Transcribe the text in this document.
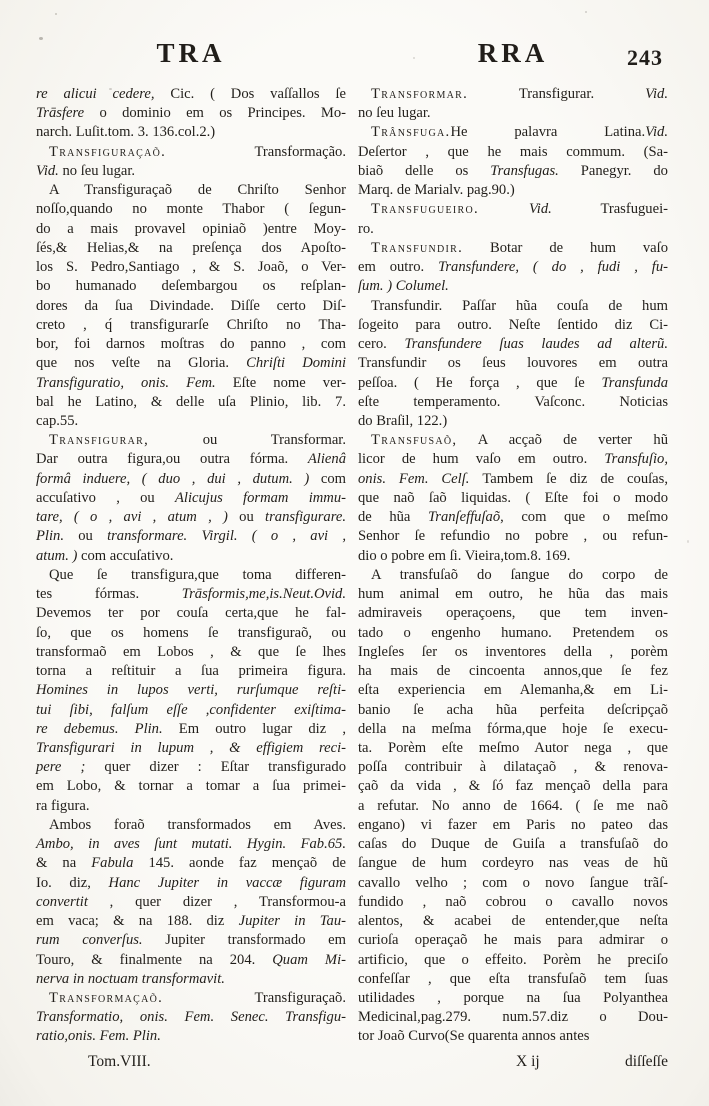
TRA	RRA	243
re alicui cedere, Cic. ( Dos vaſſallos ſe
Trāsfere o dominio em os Principes. Mo-
narch. Luſit.tom. 3. 136.col.2.)
Transfiguraçaõ. Transformação.
Vid. no ſeu lugar.
A Transfiguraçaõ de Chriſto Senhor
noſſo,quando no monte Thabor ( ſegun-
do a mais provavel opiniaõ )entre Moy-
ſés,& Helias,& na preſença dos Apoſto-
los S. Pedro,Santiago , & S. Joaõ, o Ver-
bo humanado deſembargou os reſplan-
dores da ſua Divindade. Diſſe certo Diſ-
creto , q́ transfigurarſe Chriſto no Tha-
bor, foi darnos moſtras do panno , com
que nos veſte na Gloria. Chriſti Domini
Transfiguratio, onis. Fem. Eſte nome ver-
bal he Latino, & delle uſa Plinio, lib. 7.
cap.55.
Transfigurar, ou Transformar.
Dar outra figura,ou outra fórma. Alienâ
formâ induere, ( duo , dui , dutum. ) com
accuſativo , ou Alicujus formam immu-
tare, ( o , avi , atum , ) ou transfigurare.
Plin. ou transformare. Virgil. ( o , avi ,
atum. ) com accuſativo.
Que ſe transfigura,que toma differen-
tes fórmas. Trāsformis,me,is.Neut.Ovid.
Devemos ter por couſa certa,que he fal-
ſo, que os homens ſe transfiguraõ, ou
transformaõ em Lobos , & que ſe lhes
torna a reſtituir a ſua primeira figura.
Homines in lupos verti, rurſumque reſti-
tui ſibi, falſum eſſe ,confidenter exiſtima-
re debemus. Plin. Em outro lugar diz ,
Transfigurari in lupum , & effigiem reci-
pere ; quer dizer : Eſtar transfigurado
em Lobo, & tornar a tomar a ſua primei-
ra figura.
Ambos foraõ transformados em Aves.
Ambo, in aves ſunt mutati. Hygin. Fab.65.
& na Fabula 145. aonde faz mençaõ de
Io. diz, Hanc Jupiter in vaccæ figuram
convertit , quer dizer , Transformou-a
em vaca; & na 188. diz Jupiter in Tau-
rum converſus. Jupiter transformado em
Touro, & finalmente na 204. Quam Mi-
nerva in noctuam transformavit.
Transformaçaõ. Transfiguraçaõ.
Transformatio, onis. Fem. Senec. Transfigu-
ratio,onis. Fem. Plin.
Tom.VIII.
Transformar. Transfigurar. Vid.
no ſeu lugar.
Trânsfuga.He palavra Latina.Vid.
Deſertor , que he mais commum. (Sa-
biaõ delle os Transfugas. Panegyr. do
Marq. de Marialv. pag.90.)
Transfugueiro. Vid. Trasfuguei-
ro.
Transfundir. Botar de hum vaſo
em outro. Transfundere, ( do , fudi , fu-
ſum. ) Columel.
Transfundir. Paſſar hũa couſa de hum
ſogeito para outro. Neſte ſentido diz Ci-
cero. Transfundere ſuas laudes ad alterũ.
Transfundir os ſeus louvores em outra
peſſoa. ( He força , que ſe Transfunda
eſte temperamento. Vaſconc. Noticias
do Braſil, 122.)
Transfusaõ, A acçaõ de verter hũ
licor de hum vaſo em outro. Transfuſio,
onis. Fem. Celſ. Tambem ſe diz de couſas,
que naõ ſaõ liquidas. ( Eſte foi o modo
de hũa Tranſeffuſaõ, com que o meſmo
Senhor ſe refundio no pobre , ou refun-
dio o pobre em ſi. Vieira,tom.8. 169.
A transfuſaõ do ſangue do corpo de
hum animal em outro, he hũa das mais
admiraveis operaçoens, que tem inven-
tado o engenho humano. Pretendem os
Ingleſes ſer os inventores della , porèm
ha mais de cincoenta annos,que ſe fez
eſta experiencia em Alemanha,& em Li-
banio ſe acha hũa perfeita deſcripçaõ
della na meſma fórma,que hoje ſe execu-
ta. Porèm eſte meſmo Autor nega , que
poſſa contribuir à dilataçaõ , & renova-
çaõ da vida , & ſó faz mençaõ della para
a refutar. No anno de 1664. ( ſe me naõ
engano) vi fazer em Paris no pateo das
caſas do Duque de Guiſa a transfuſaõ do
ſangue de hum cordeyro nas veas de hũ
cavallo velho ; com o novo ſangue trãſ-
fundido , naõ cobrou o cavallo novos
alentos, & acabei de entender,que neſta
curioſa operaçaõ he mais para admirar o
artificio, que o effeito. Porèm he preciſo
confeſſar , que eſta transfuſaõ tem ſuas
utilidades , porque na ſua Polyanthea
Medicinal,pag.279. num.57.diz o Dou-
tor Joaõ Curvo(Se quarenta annos antes
X ij	diſſeſſe
